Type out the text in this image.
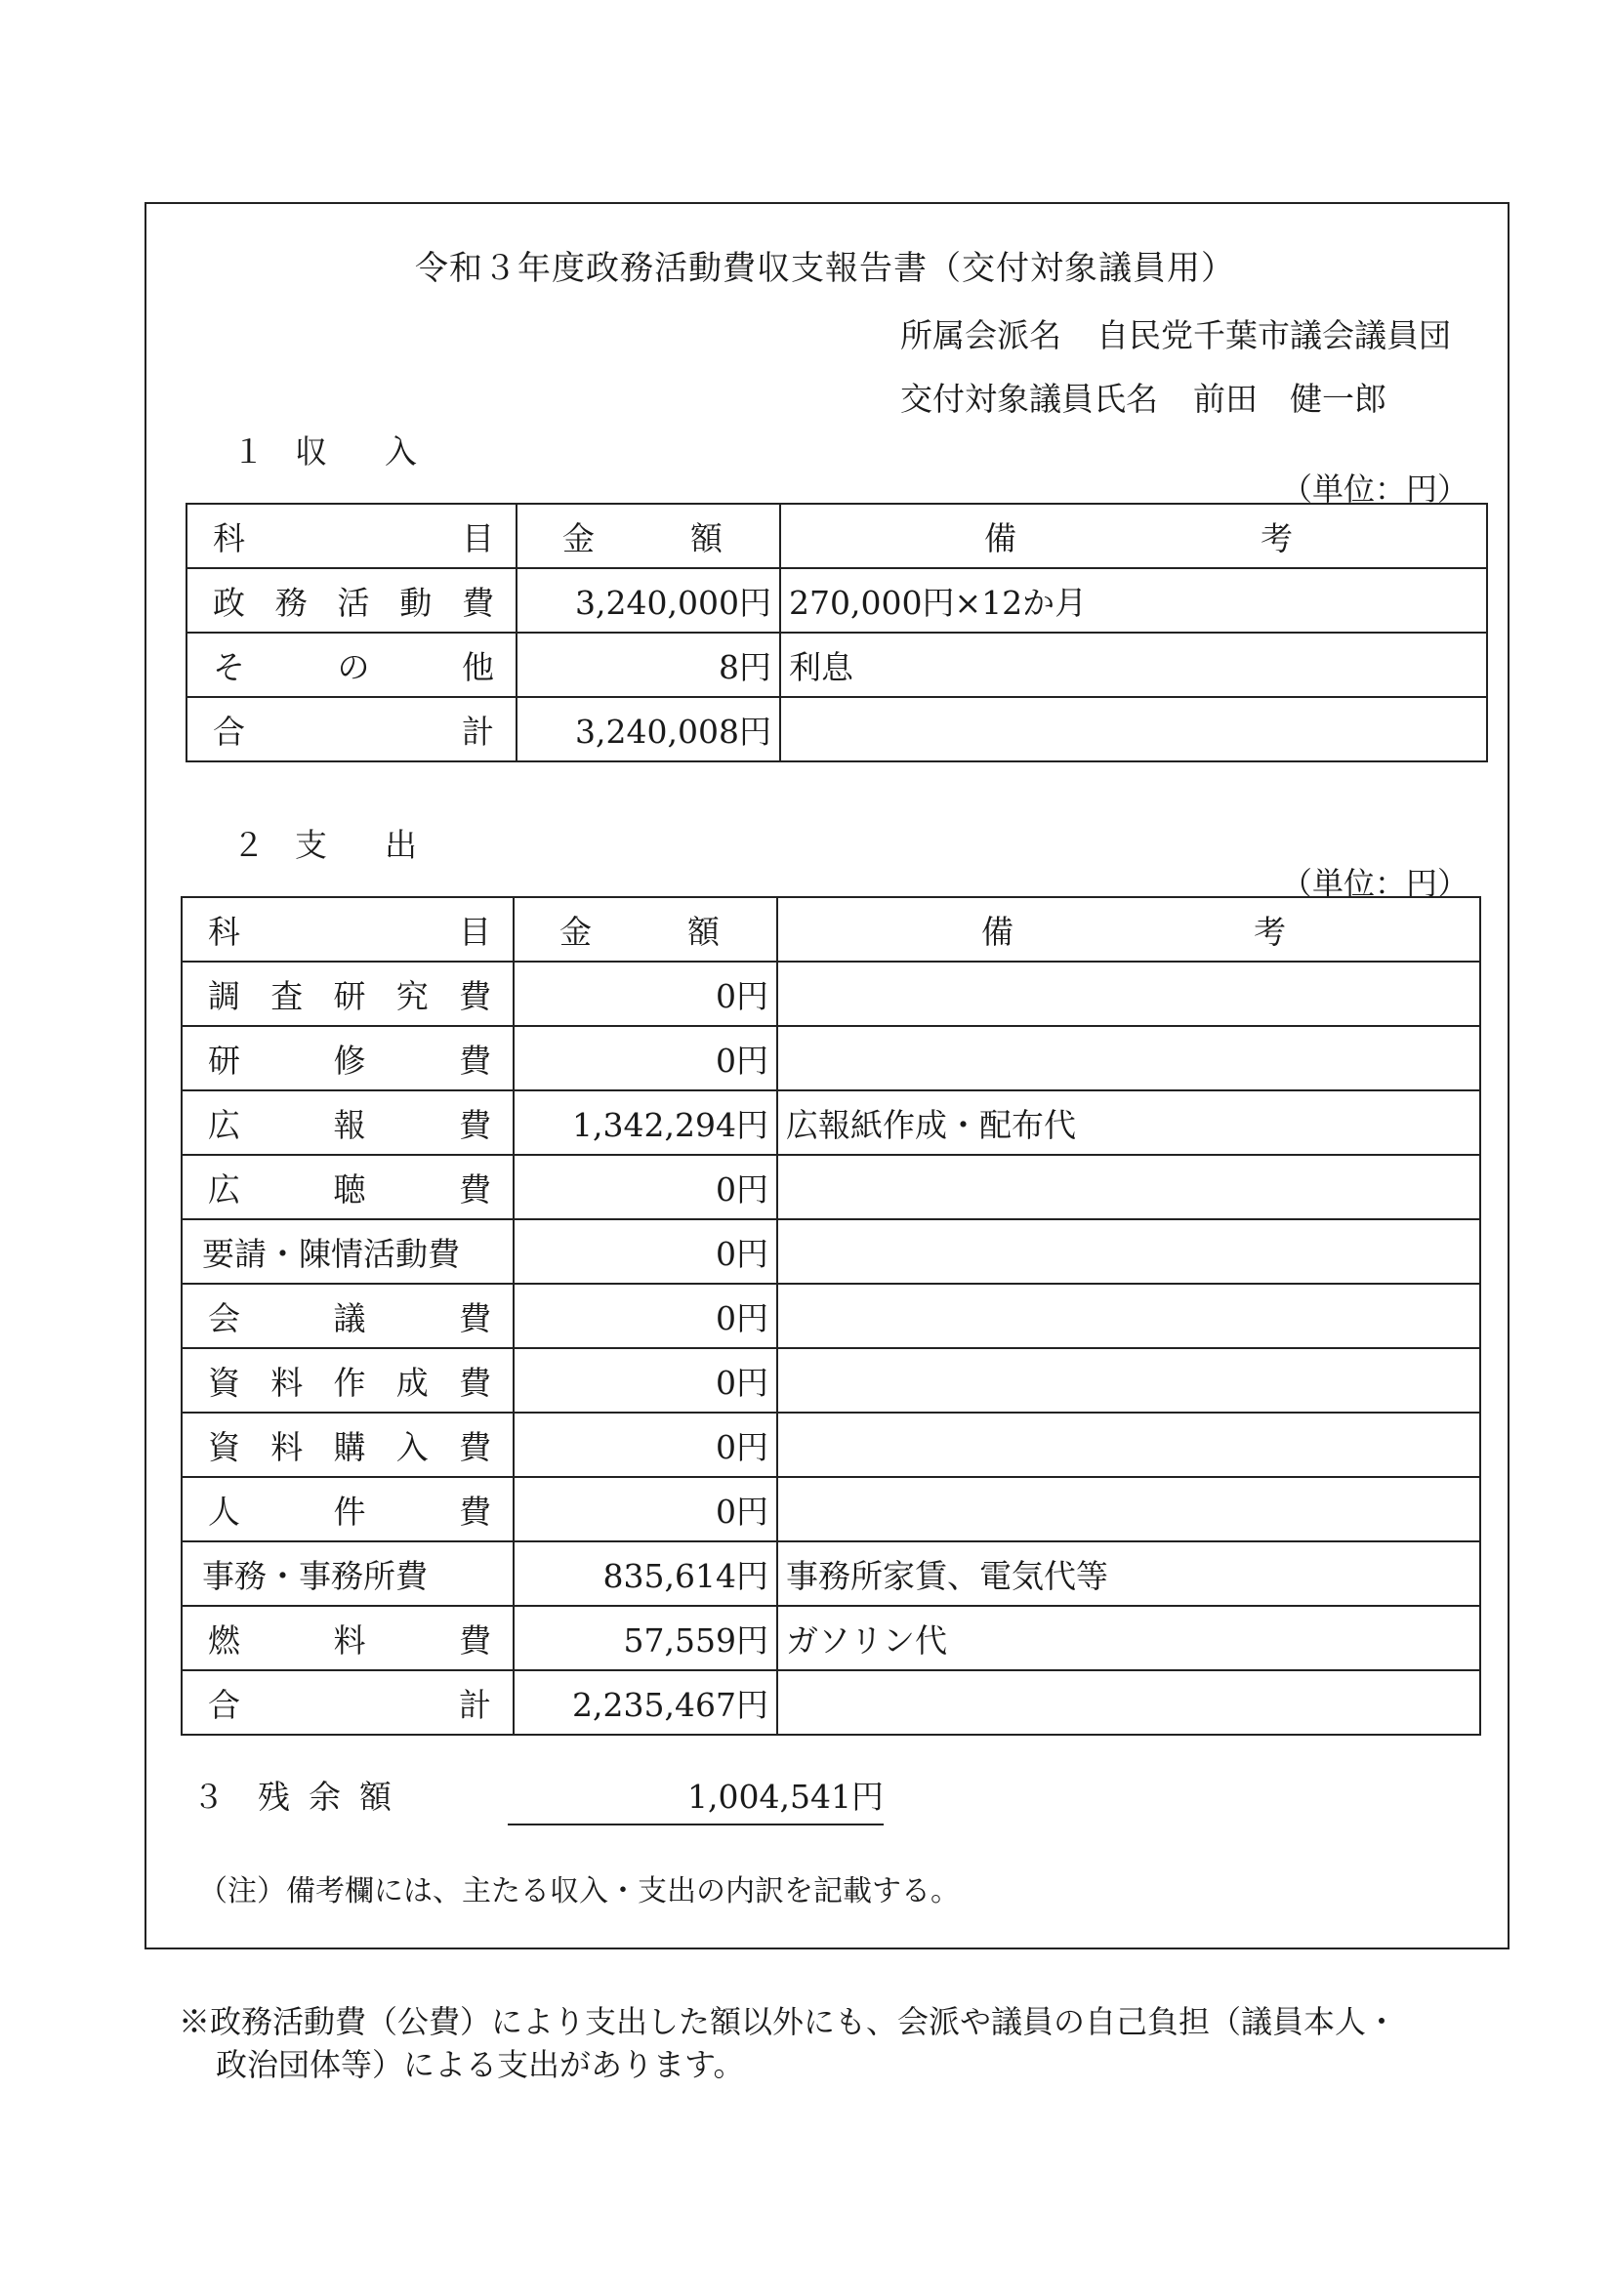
令和３年度政務活動費収支報告書（交付対象議員用）
所属会派名 自民党千葉市議会議員団
交付対象議員氏名 前田　健一郎
１ 収 入
（単位：円）
科 目	金 額	備 考

政 務 活 動 費	3,240,000円	270,000円×12か月

そ の 他	8円	利息

合 計	3,240,008円	
２ 支 出
（単位：円）
科 目	金 額	備 考

調 査 研 究 費	0円	

研 修 費	0円	

広 報 費	1,342,294円	広報紙作成・配布代

広 聴 費	0円	
要請・陳情活動費	0円	

会 議 費	0円	

資 料 作 成 費	0円	

資 料 購 入 費	0円	

人 件 費	0円	
事務・事務所費	835,614円	事務所家賃、電気代等

燃 料 費	57,559円	ガソリン代

合 計	2,235,467円	
３ 残 余 額	1,004,541円
（注）備考欄には、主たる収入・支出の内訳を記載する。
※政務活動費（公費）により支出した額以外にも、会派や議員の自己負担（議員本人・
政治団体等）による支出があります。
